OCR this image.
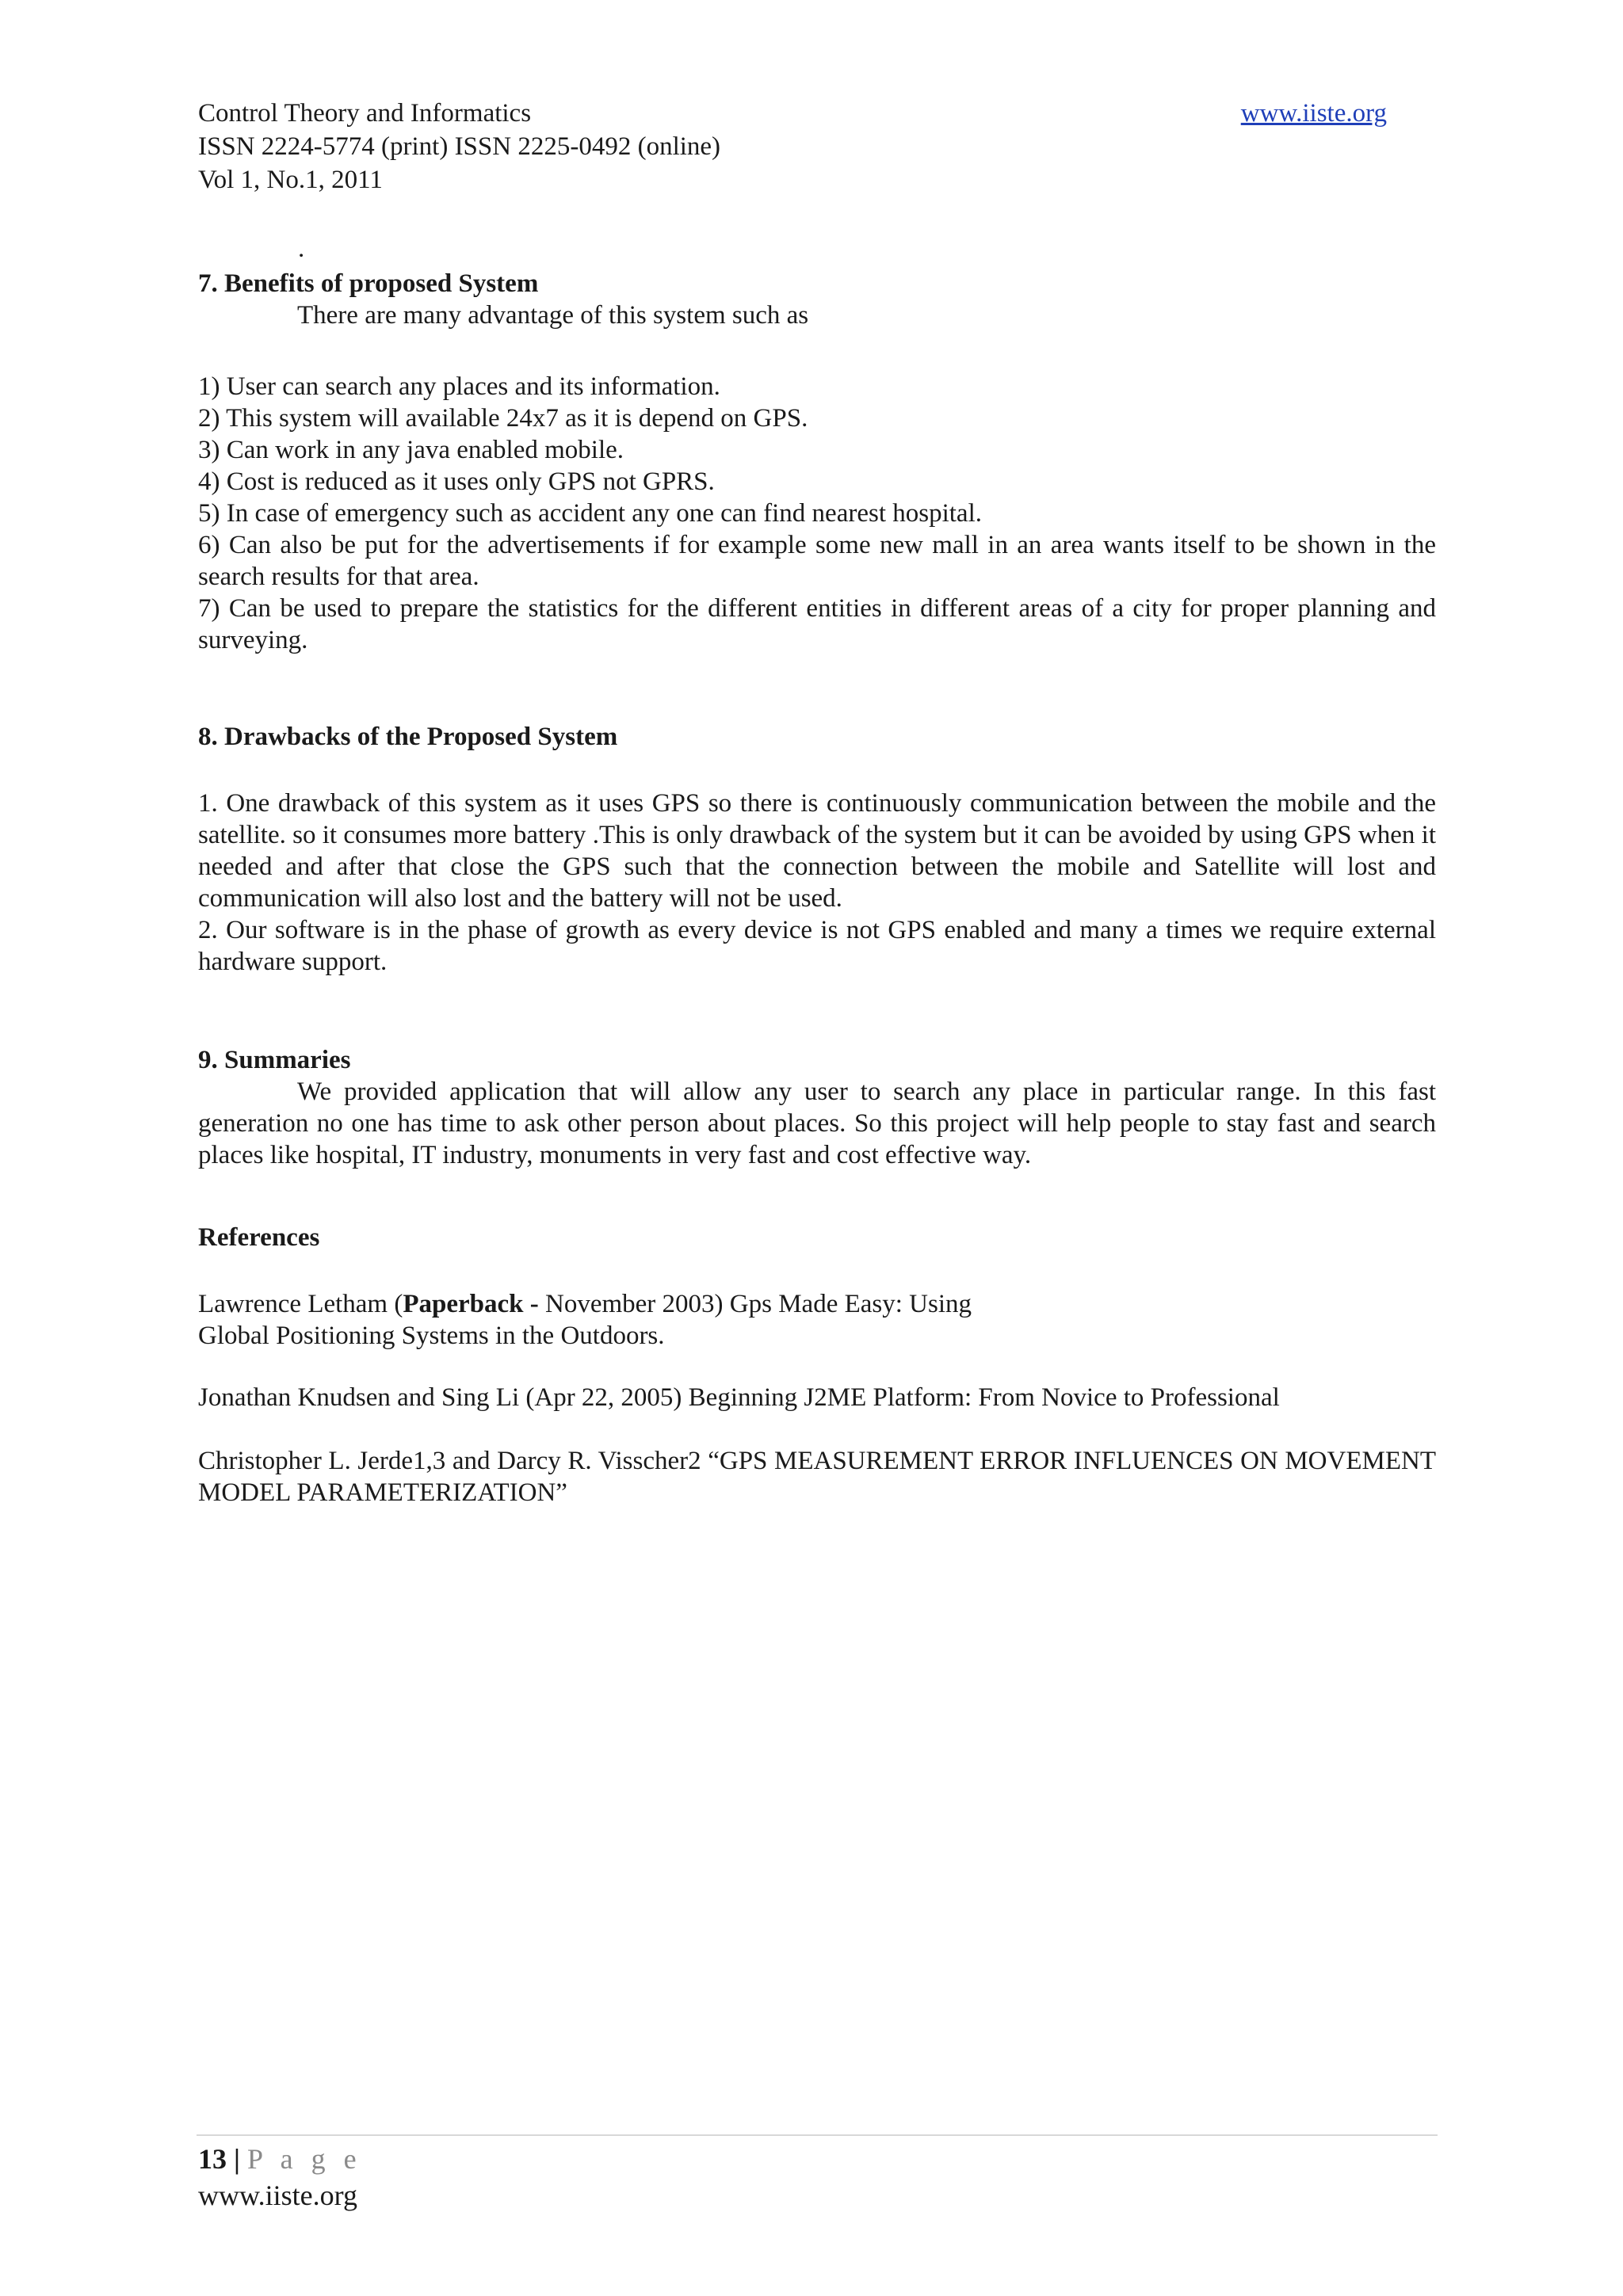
Control Theory and Informatics	www.iiste.org
ISSN 2224-5774 (print) ISSN 2225-0492 (online)
Vol 1, No.1, 2011
.

7. Benefits of proposed System

There are many advantage of this system such as

1) User can search any places and its information.

2) This system will available 24x7 as it is depend on GPS.

3) Can work in any java enabled mobile.

4) Cost is reduced as it uses only GPS not GPRS.

5) In case of emergency such as accident any one can find nearest hospital.

6) Can also be put for the advertisements if for example some new mall in an area wants itself to be shown in the search results for that area.

7) Can be used to prepare the statistics for the different entities in different areas of a city for proper planning and surveying.

8. Drawbacks of the Proposed System

1. One drawback of this system as it uses GPS so there is continuously communication between the mobile and the satellite. so it consumes more battery .This is only drawback of the system but it can be avoided by using GPS when it needed and after that close the GPS such that the connection between the mobile and Satellite will lost and communication will also lost and the battery will not be used.

2. Our software is in the phase of growth as every device is not GPS enabled and many a times we require external hardware support.

9. Summaries

We provided application that will allow any user to search any place in particular range. In this fast generation no one has time to ask other person about places. So this project will help people to stay fast and search places like hospital, IT industry, monuments in very fast and cost effective way.

References

Lawrence Letham (Paperback - November 2003) Gps Made Easy: Using

Global Positioning Systems in the Outdoors.

Jonathan Knudsen and Sing Li (Apr 22, 2005) Beginning J2ME Platform: From Novice to Professional

Christopher L. Jerde1,3 and Darcy R. Visscher2 “GPS MEASUREMENT ERROR INFLUENCES ON MOVEMENT MODEL PARAMETERIZATION”

13 | P a g e
www.iiste.org
